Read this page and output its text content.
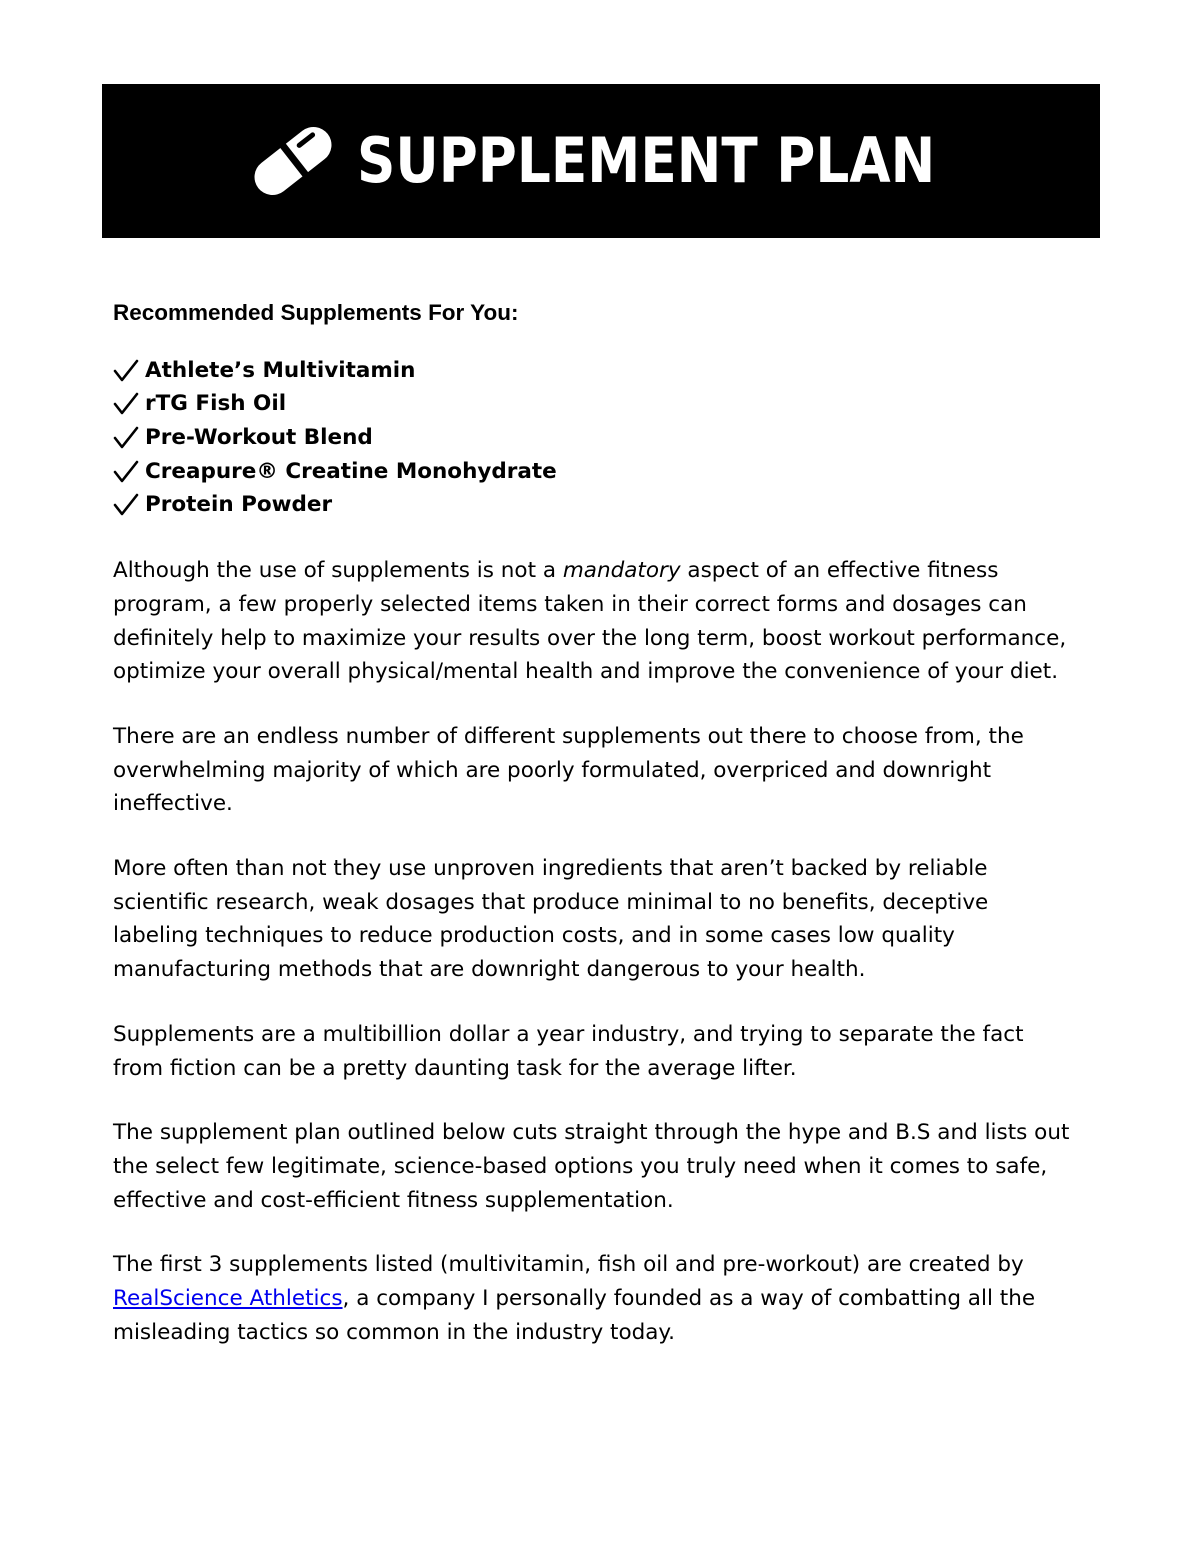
SUPPLEMENT PLAN
Recommended Supplements For You:
Athlete’s Multivitamin
rTG Fish Oil
Pre-Workout Blend
Creapure® Creatine Monohydrate
Protein Powder

Although the use of supplements is not a mandatory aspect of an effective fitness program, a few properly selected items taken in their correct forms and dosages can definitely help to maximize your results over the long term, boost workout performance, optimize your overall physical/mental health and improve the convenience of your diet.

There are an endless number of different supplements out there to choose from, the overwhelming majority of which are poorly formulated, overpriced and downright ineffective.

More often than not they use unproven ingredients that aren’t backed by reliable scientific research, weak dosages that produce minimal to no benefits, deceptive labeling techniques to reduce production costs, and in some cases low quality manufacturing methods that are downright dangerous to your health.

Supplements are a multibillion dollar a year industry, and trying to separate the fact from fiction can be a pretty daunting task for the average lifter.

The supplement plan outlined below cuts straight through the hype and B.S and lists out the select few legitimate, science-based options you truly need when it comes to safe, effective and cost-efficient fitness supplementation.

The first 3 supplements listed (multivitamin, fish oil and pre-workout) are created by RealScience Athletics, a company I personally founded as a way of combatting all the misleading tactics so common in the industry today.
